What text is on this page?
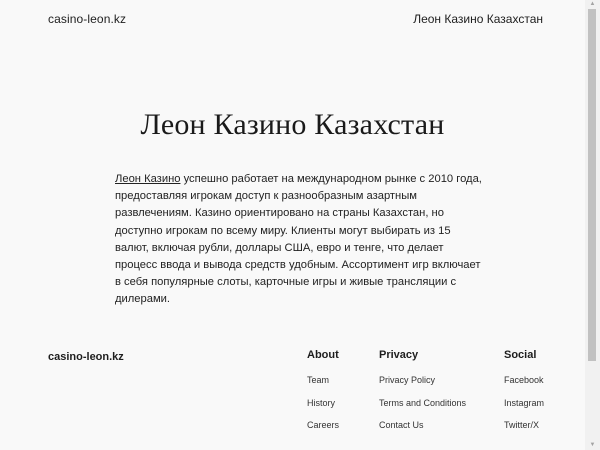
casino-leon.kz	Леон Казино Казахстан
Леон Казино Казахстан

Леон Казино успешно работает на международном рынке с 2010 года, предоставляя игрокам доступ к разнообразным азартным развлечениям. Казино ориентировано на страны Казахстан, но доступно игрокам по всему миру. Клиенты могут выбирать из 15 валют, включая рубли, доллары США, евро и тенге, что делает процесс ввода и вывода средств удобным. Ассортимент игр включает в себя популярные слоты, карточные игры и живые трансляции с дилерами.

casino-leon.kz	About
Team
History
Careers
Privacy
Privacy Policy
Terms and Conditions
Contact Us
Social
Facebook
Instagram
Twitter/X
▲
▼
